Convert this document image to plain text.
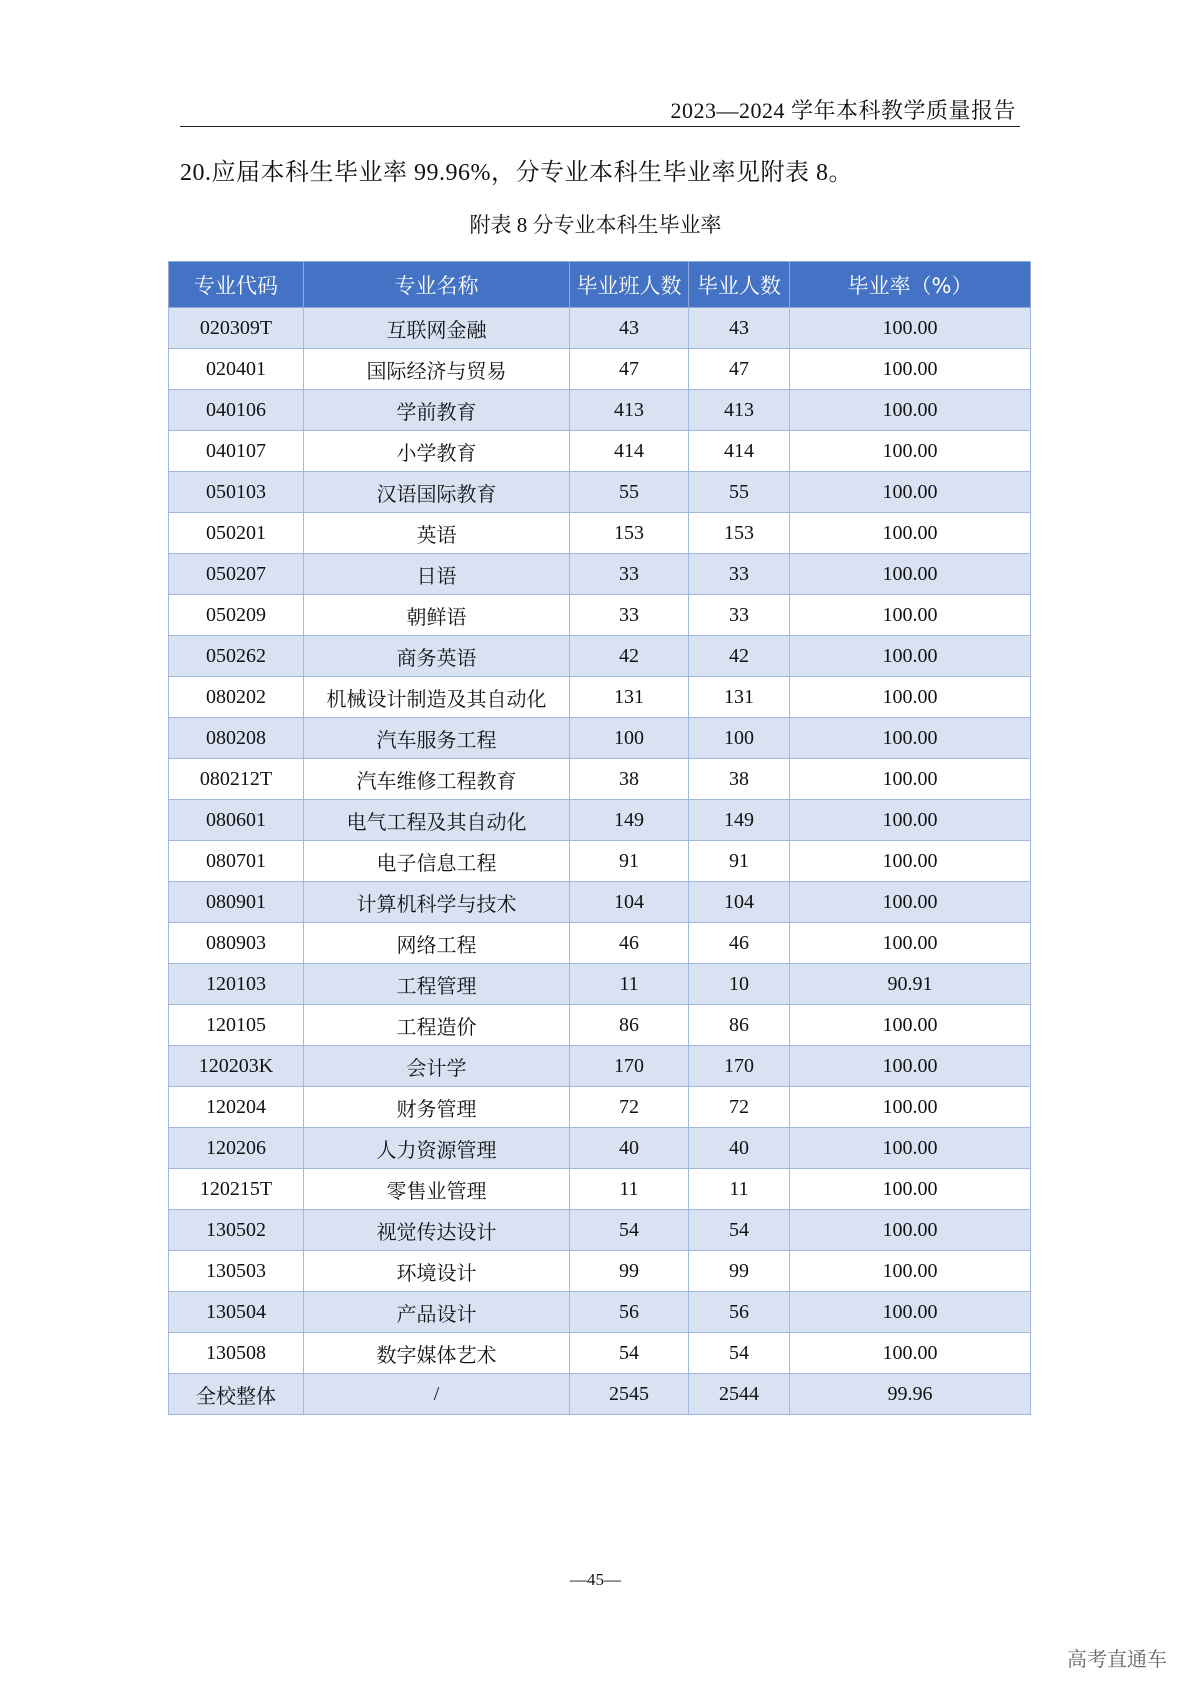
2023—2024 学年本科教学质量报告
20.应届本科生毕业率 99.96%，分专业本科生毕业率见附表 8。
附表 8 分专业本科生毕业率
专业代码	专业名称	毕业班人数	毕业人数	毕业率（%）
020309T	互联网金融	43	43	100.00
020401	国际经济与贸易	47	47	100.00
040106	学前教育	413	413	100.00
040107	小学教育	414	414	100.00
050103	汉语国际教育	55	55	100.00
050201	英语	153	153	100.00
050207	日语	33	33	100.00
050209	朝鲜语	33	33	100.00
050262	商务英语	42	42	100.00
080202	机械设计制造及其自动化	131	131	100.00
080208	汽车服务工程	100	100	100.00
080212T	汽车维修工程教育	38	38	100.00
080601	电气工程及其自动化	149	149	100.00
080701	电子信息工程	91	91	100.00
080901	计算机科学与技术	104	104	100.00
080903	网络工程	46	46	100.00
120103	工程管理	11	10	90.91
120105	工程造价	86	86	100.00
120203K	会计学	170	170	100.00
120204	财务管理	72	72	100.00
120206	人力资源管理	40	40	100.00
120215T	零售业管理	11	11	100.00
130502	视觉传达设计	54	54	100.00
130503	环境设计	99	99	100.00
130504	产品设计	56	56	100.00
130508	数字媒体艺术	54	54	100.00
全校整体	/	2545	2544	99.96
—45—
高考直通车
